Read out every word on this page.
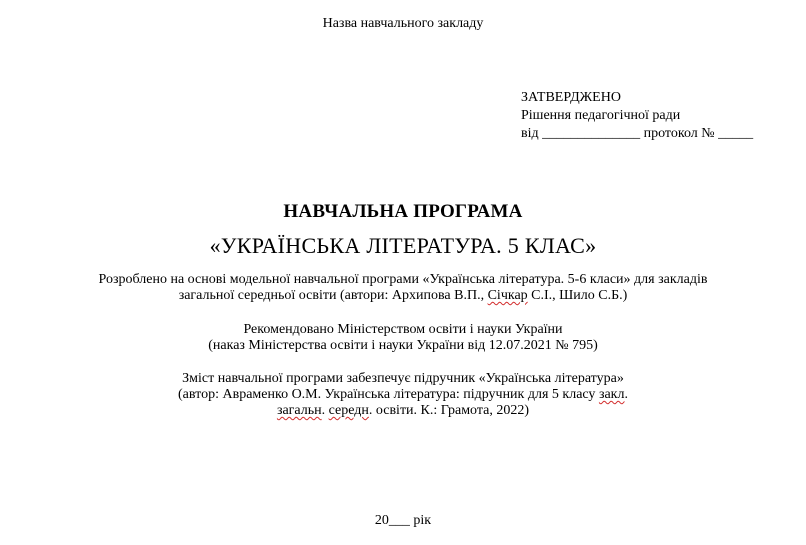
Назва навчального закладу
ЗАТВЕРДЖЕНО
Рішення педагогічної ради
від ______________ протокол № _____
НАВЧАЛЬНА ПРОГРАМА
«УКРАЇНСЬКА ЛІТЕРАТУРА. 5 КЛАС»
Розроблено на основі модельної навчальної програми «Українська література. 5-6 класи» для закладів
загальної середньої освіти (автори: Архипова В.П., Січкар С.І., Шило С.Б.)
Рекомендовано Міністерством освіти і науки України
(наказ Міністерства освіти і науки України від 12.07.2021 № 795)
Зміст навчальної програми забезпечує підручник «Українська література»
(автор: Авраменко О.М. Українська література: підручник для 5 класу закл.
загальн. середн. освіти. К.: Грамота, 2022)
20___ рік
